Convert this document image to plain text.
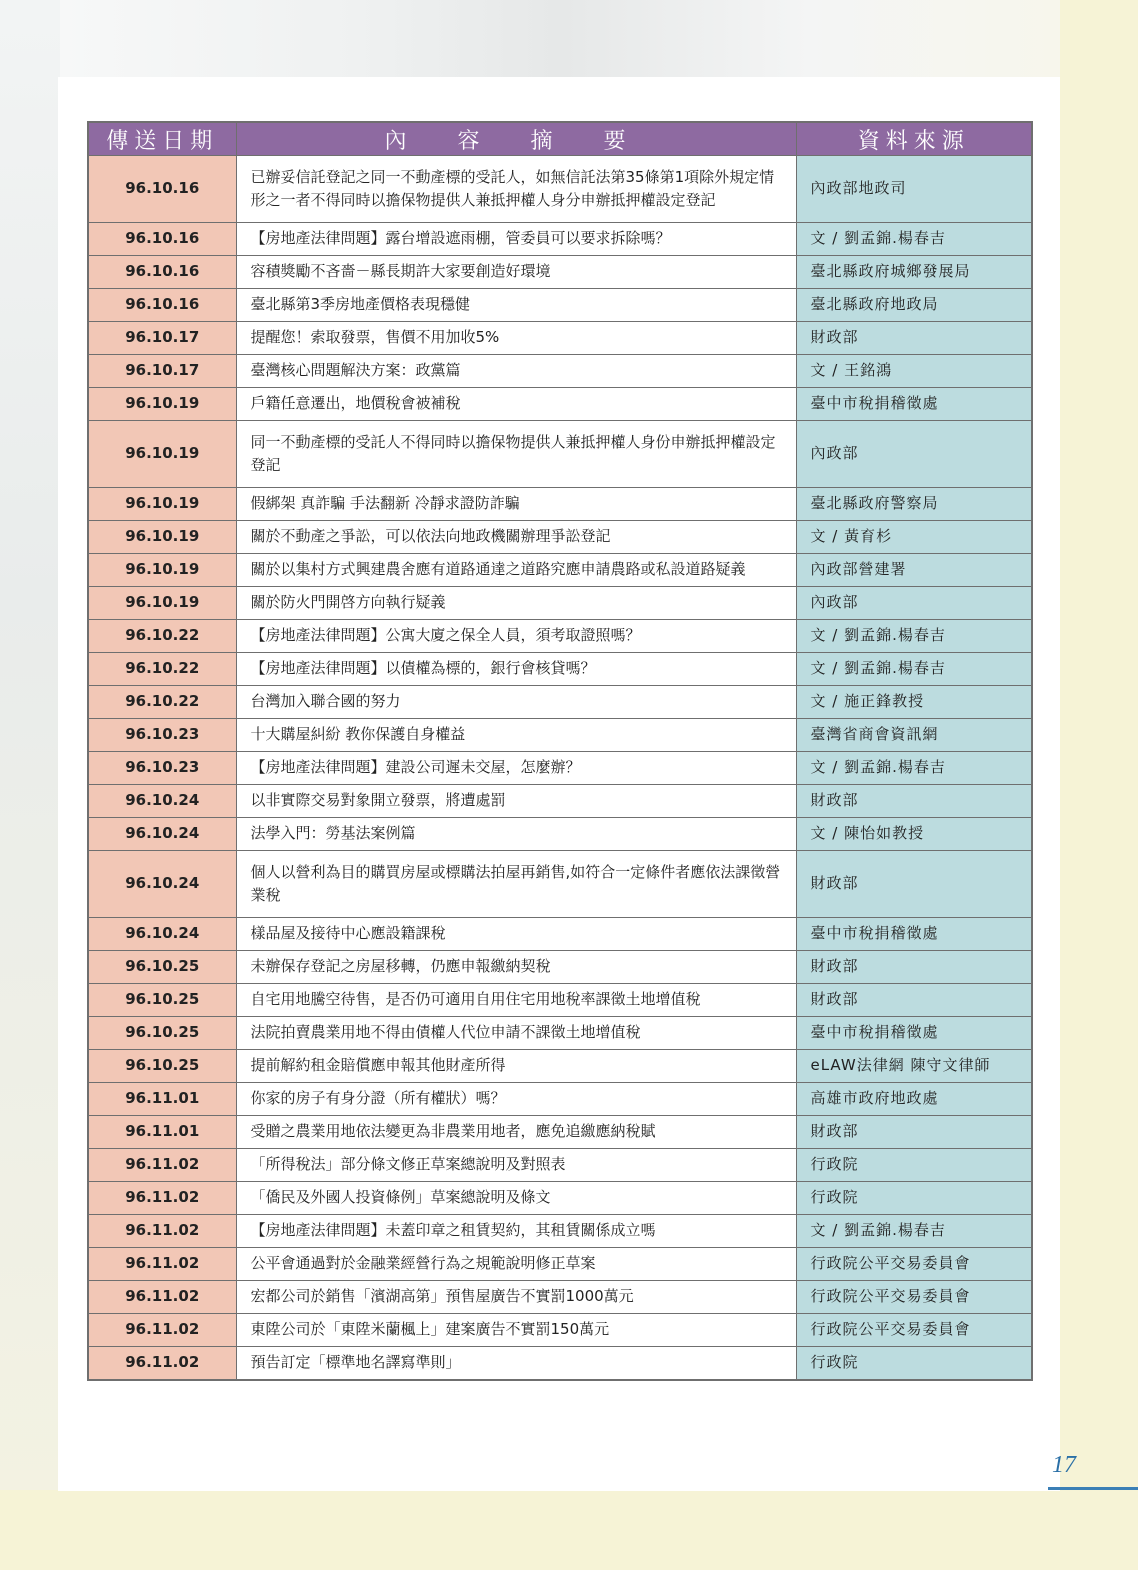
傳送日期	內 容 摘 要	資料來源
96.10.16	已辦妥信託登記之同一不動產標的受託人，如無信託法第35條第1項除外規定情形之一者不得同時以擔保物提供人兼抵押權人身分申辦抵押權設定登記	內政部地政司
96.10.16	【房地產法律問題】露台增設遮雨棚，管委員可以要求拆除嗎？	文 / 劉孟錦.楊春吉
96.10.16	容積獎勵不吝嗇－縣長期許大家要創造好環境	臺北縣政府城鄉發展局
96.10.16	臺北縣第3季房地產價格表現穩健	臺北縣政府地政局
96.10.17	提醒您！索取發票，售價不用加收5%	財政部
96.10.17	臺灣核心問題解決方案：政黨篇	文 / 王銘鴻
96.10.19	戶籍任意遷出，地價稅會被補稅	臺中市稅捐稽徵處
96.10.19	同一不動產標的受託人不得同時以擔保物提供人兼抵押權人身份申辦抵押權設定登記	內政部
96.10.19	假綁架 真詐騙 手法翻新 冷靜求證防詐騙	臺北縣政府警察局
96.10.19	關於不動產之爭訟，可以依法向地政機關辦理爭訟登記	文 / 黃育杉
96.10.19	關於以集村方式興建農舍應有道路通達之道路究應申請農路或私設道路疑義	內政部營建署
96.10.19	關於防火門開啓方向執行疑義	內政部
96.10.22	【房地產法律問題】公寓大廈之保全人員，須考取證照嗎？	文 / 劉孟錦.楊春吉
96.10.22	【房地產法律問題】以債權為標的，銀行會核貸嗎？	文 / 劉孟錦.楊春吉
96.10.22	台灣加入聯合國的努力	文 / 施正鋒教授
96.10.23	十大購屋糾紛 教你保護自身權益	臺灣省商會資訊網
96.10.23	【房地產法律問題】建設公司遲未交屋，怎麼辦？	文 / 劉孟錦.楊春吉
96.10.24	以非實際交易對象開立發票，將遭處罰	財政部
96.10.24	法學入門：勞基法案例篇	文 / 陳怡如教授
96.10.24	個人以營利為目的購買房屋或標購法拍屋再銷售,如符合一定條件者應依法課徵營業稅	財政部
96.10.24	樣品屋及接待中心應設籍課稅	臺中市稅捐稽徵處
96.10.25	未辦保存登記之房屋移轉，仍應申報繳納契稅	財政部
96.10.25	自宅用地騰空待售，是否仍可適用自用住宅用地稅率課徵土地增值稅	財政部
96.10.25	法院拍賣農業用地不得由債權人代位申請不課徵土地增值稅	臺中市稅捐稽徵處
96.10.25	提前解約租金賠償應申報其他財產所得	eLAW法律網 陳守文律師
96.11.01	你家的房子有身分證（所有權狀）嗎？	高雄市政府地政處
96.11.01	受贈之農業用地依法變更為非農業用地者，應免追繳應納稅賦	財政部
96.11.02	「所得稅法」部分條文修正草案總說明及對照表	行政院
96.11.02	「僑民及外國人投資條例」草案總說明及條文	行政院
96.11.02	【房地產法律問題】未蓋印章之租賃契約，其租賃關係成立嗎	文 / 劉孟錦.楊春吉
96.11.02	公平會通過對於金融業經營行為之規範說明修正草案	行政院公平交易委員會
96.11.02	宏都公司於銷售「濱湖高第」預售屋廣告不實罰1000萬元	行政院公平交易委員會
96.11.02	東陞公司於「東陞米蘭楓上」建案廣告不實罰150萬元	行政院公平交易委員會
96.11.02	預告訂定「標準地名譯寫準則」	行政院
17
